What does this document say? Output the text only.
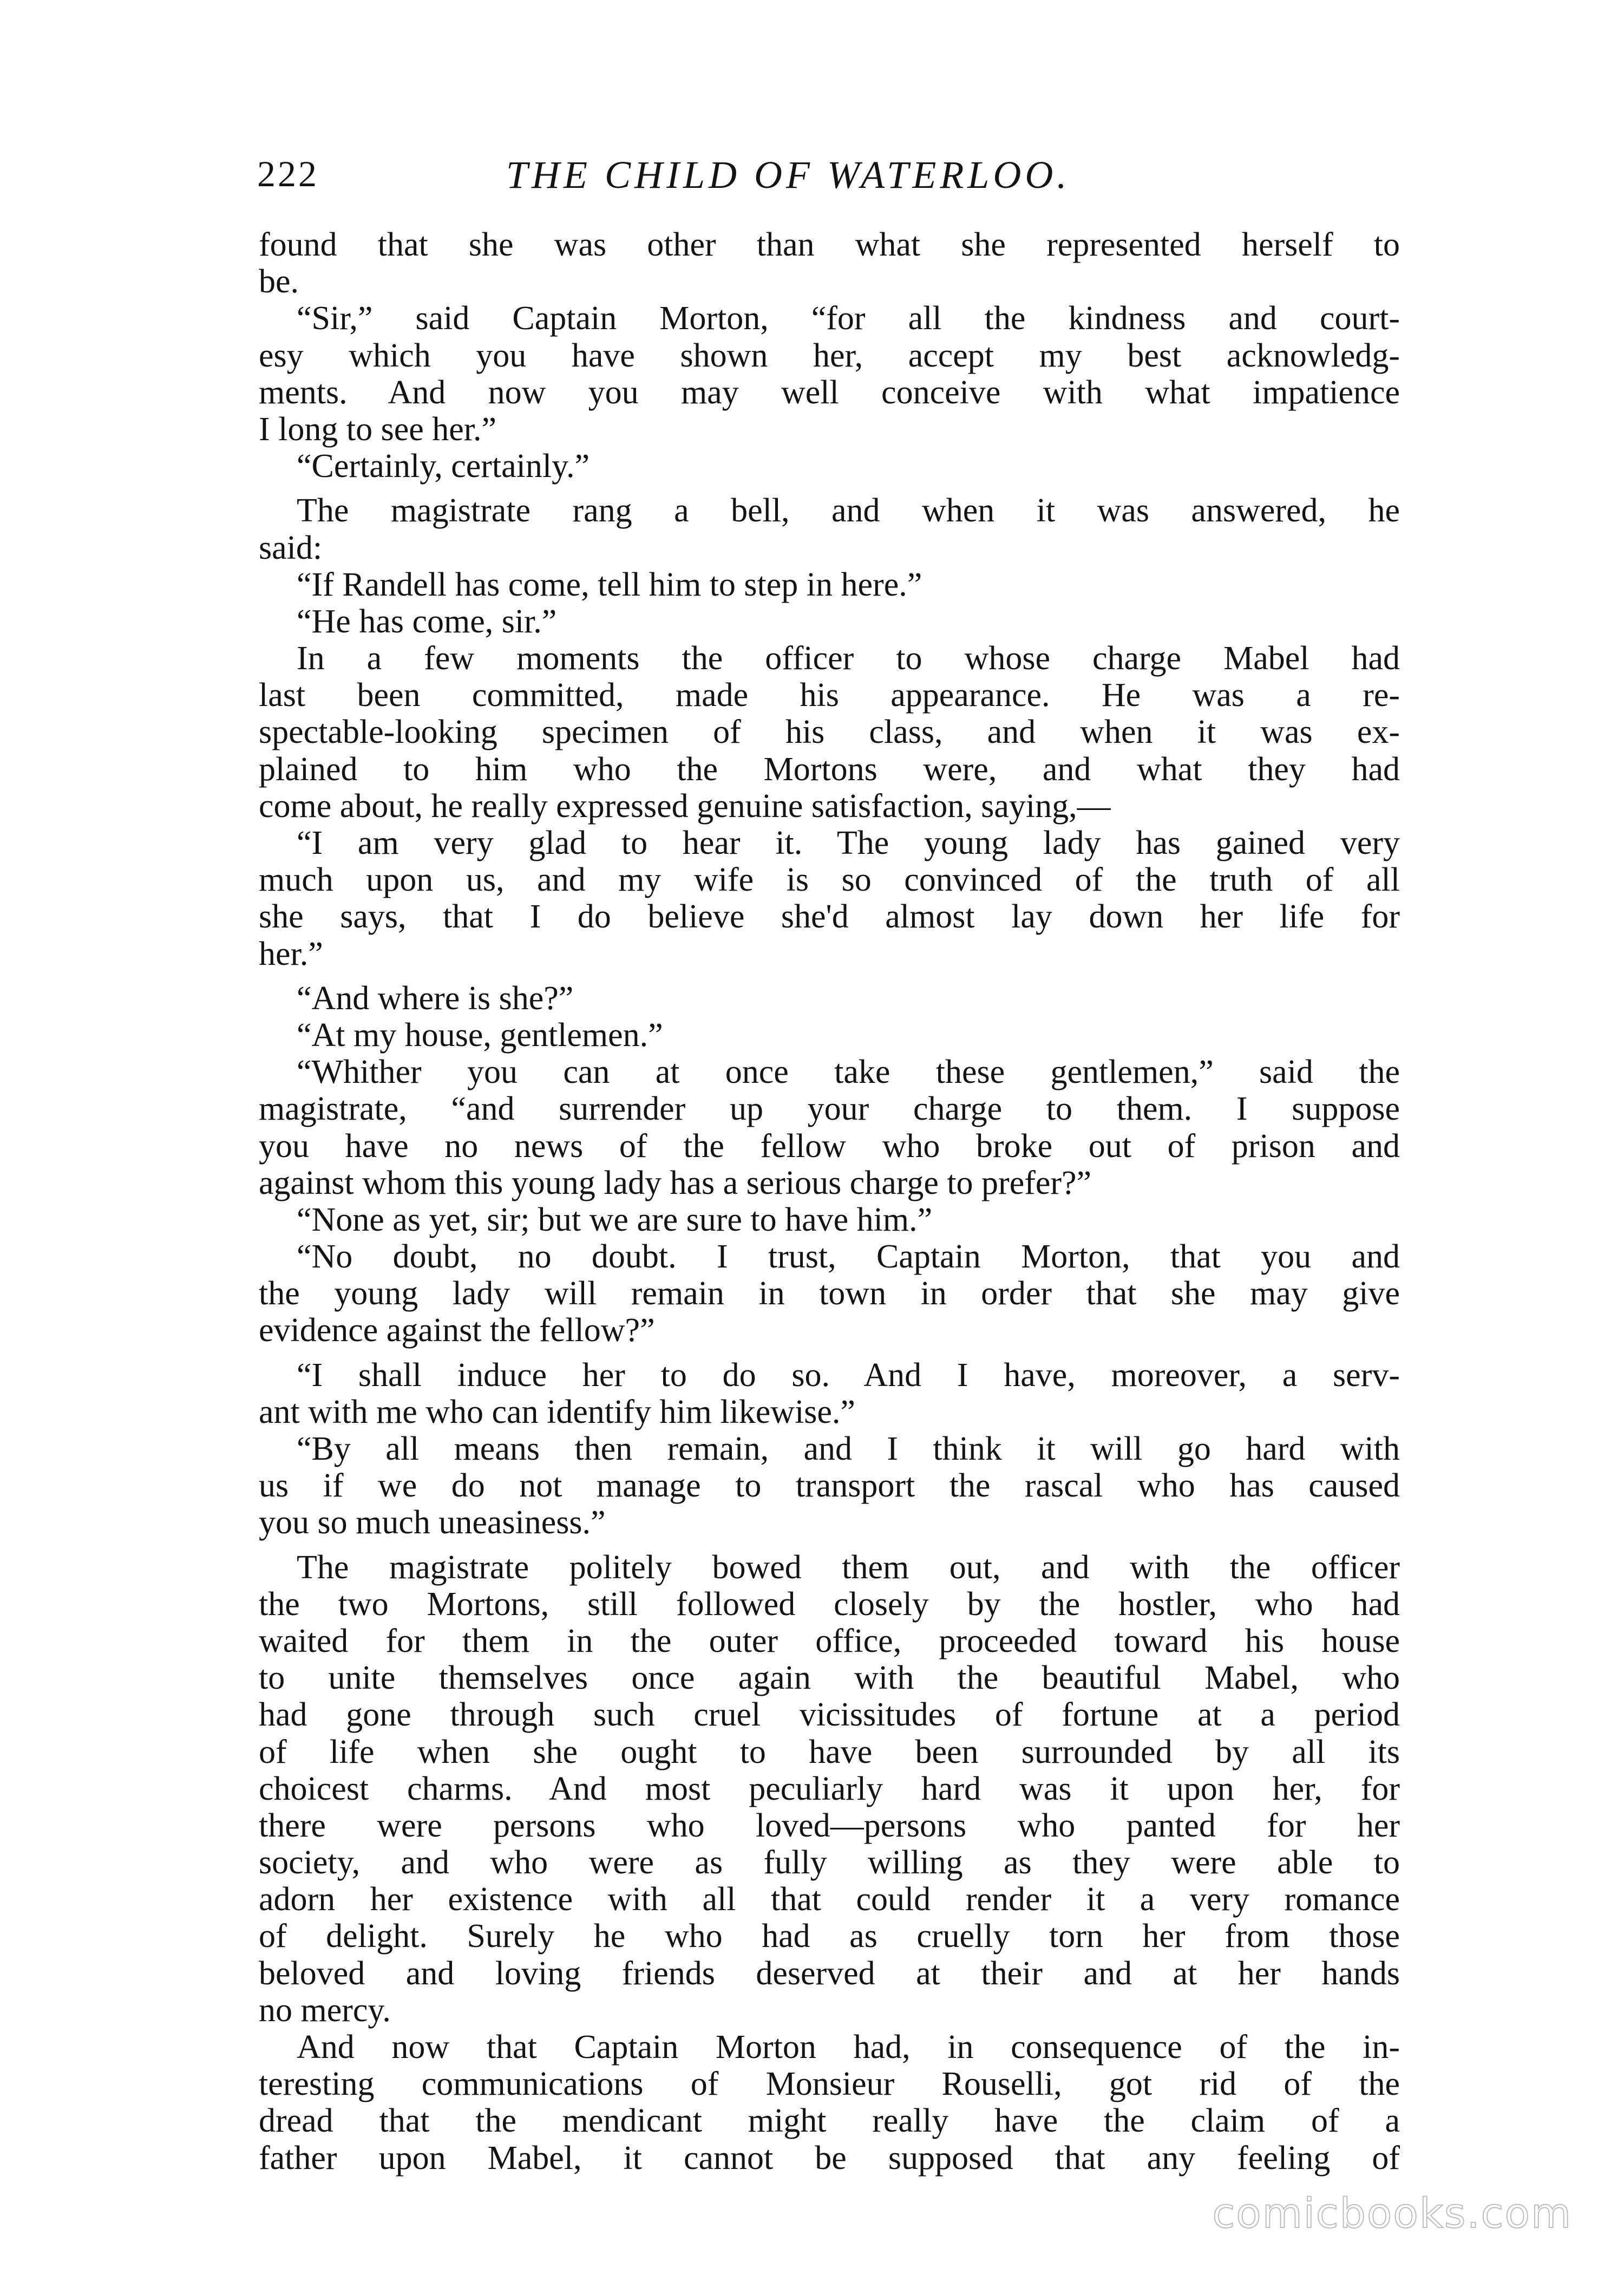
222	THE CHILD OF WATERLOO.
found that she was other than what she represented herself to
be.
“Sir,” said Captain Morton, “for all the kindness and court-
esy which you have shown her, accept my best acknowledg-
ments. And now you may well conceive with what impatience
I long to see her.”
“Certainly, certainly.”
The magistrate rang a bell, and when it was answered, he
said:
“If Randell has come, tell him to step in here.”
“He has come, sir.”
In a few moments the officer to whose charge Mabel had
last been committed, made his appearance. He was a re-
spectable-looking specimen of his class, and when it was ex-
plained to him who the Mortons were, and what they had
come about, he really expressed genuine satisfaction, saying,—
“I am very glad to hear it. The young lady has gained very
much upon us, and my wife is so convinced of the truth of all
she says, that I do believe she'd almost lay down her life for
her.”
“And where is she?”
“At my house, gentlemen.”
“Whither you can at once take these gentlemen,” said the
magistrate, “and surrender up your charge to them. I suppose
you have no news of the fellow who broke out of prison and
against whom this young lady has a serious charge to prefer?”
“None as yet, sir; but we are sure to have him.”
“No doubt, no doubt. I trust, Captain Morton, that you and
the young lady will remain in town in order that she may give
evidence against the fellow?”
“I shall induce her to do so. And I have, moreover, a serv-
ant with me who can identify him likewise.”
“By all means then remain, and I think it will go hard with
us if we do not manage to transport the rascal who has caused
you so much uneasiness.”
The magistrate politely bowed them out, and with the officer
the two Mortons, still followed closely by the hostler, who had
waited for them in the outer office, proceeded toward his house
to unite themselves once again with the beautiful Mabel, who
had gone through such cruel vicissitudes of fortune at a period
of life when she ought to have been surrounded by all its
choicest charms. And most peculiarly hard was it upon her, for
there were persons who loved—persons who panted for her
society, and who were as fully willing as they were able to
adorn her existence with all that could render it a very romance
of delight. Surely he who had as cruelly torn her from those
beloved and loving friends deserved at their and at her hands
no mercy.
And now that Captain Morton had, in consequence of the in-
teresting communications of Monsieur Rouselli, got rid of the
dread that the mendicant might really have the claim of a
father upon Mabel, it cannot be supposed that any feeling of
comicbooks.com
